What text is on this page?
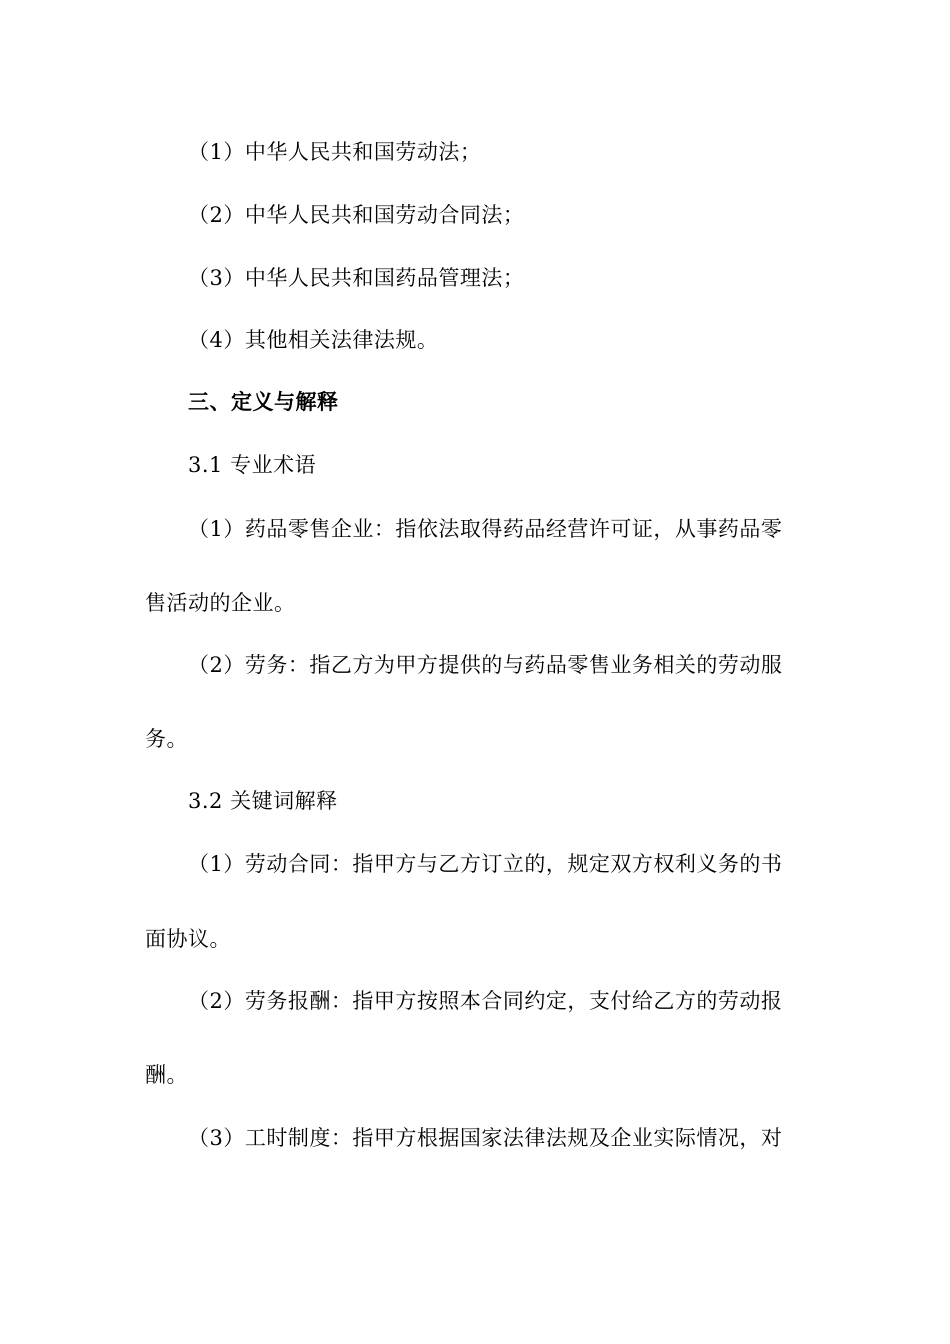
（1）中华人民共和国劳动法；
（2）中华人民共和国劳动合同法；
（3）中华人民共和国药品管理法；
（4）其他相关法律法规。
三、定义与解释
3.1 专业术语
（1）药品零售企业：指依法取得药品经营许可证，从事药品零
售活动的企业。
（2）劳务：指乙方为甲方提供的与药品零售业务相关的劳动服
务。
3.2 关键词解释
（1）劳动合同：指甲方与乙方订立的，规定双方权利义务的书
面协议。
（2）劳务报酬：指甲方按照本合同约定，支付给乙方的劳动报
酬。
（3）工时制度：指甲方根据国家法律法规及企业实际情况，对
